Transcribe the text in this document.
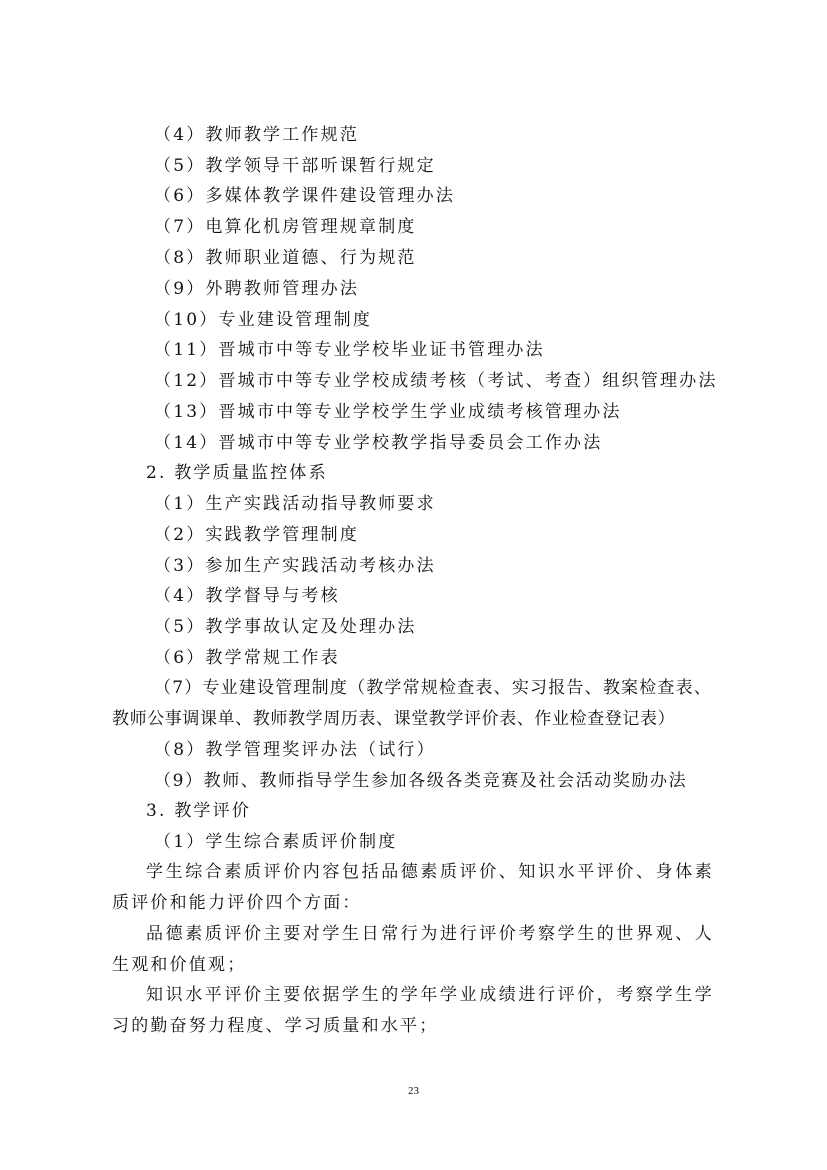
（4）教师教学工作规范
（5）教学领导干部听课暂行规定
（6）多媒体教学课件建设管理办法
（7）电算化机房管理规章制度
（8）教师职业道德、行为规范
（9）外聘教师管理办法
（10）专业建设管理制度
（11）晋城市中等专业学校毕业证书管理办法
（12）晋城市中等专业学校成绩考核（考试、考查）组织管理办法
（13）晋城市中等专业学校学生学业成绩考核管理办法
（14）晋城市中等专业学校教学指导委员会工作办法
2. 教学质量监控体系
（1）生产实践活动指导教师要求
（2）实践教学管理制度
（3）参加生产实践活动考核办法
（4）教学督导与考核
（5）教学事故认定及处理办法
（6）教学常规工作表
（7）专业建设管理制度（教学常规检查表、实习报告、教案检查表、
教师公事调课单、教师教学周历表、课堂教学评价表、作业检查登记表）
（8）教学管理奖评办法（试行）
（9）教师、教师指导学生参加各级各类竞赛及社会活动奖励办法
3. 教学评价
（1）学生综合素质评价制度
学生综合素质评价内容包括品德素质评价、知识水平评价、身体素
质评价和能力评价四个方面：
品德素质评价主要对学生日常行为进行评价考察学生的世界观、人
生观和价值观；
知识水平评价主要依据学生的学年学业成绩进行评价，考察学生学
习的勤奋努力程度、学习质量和水平；
23
